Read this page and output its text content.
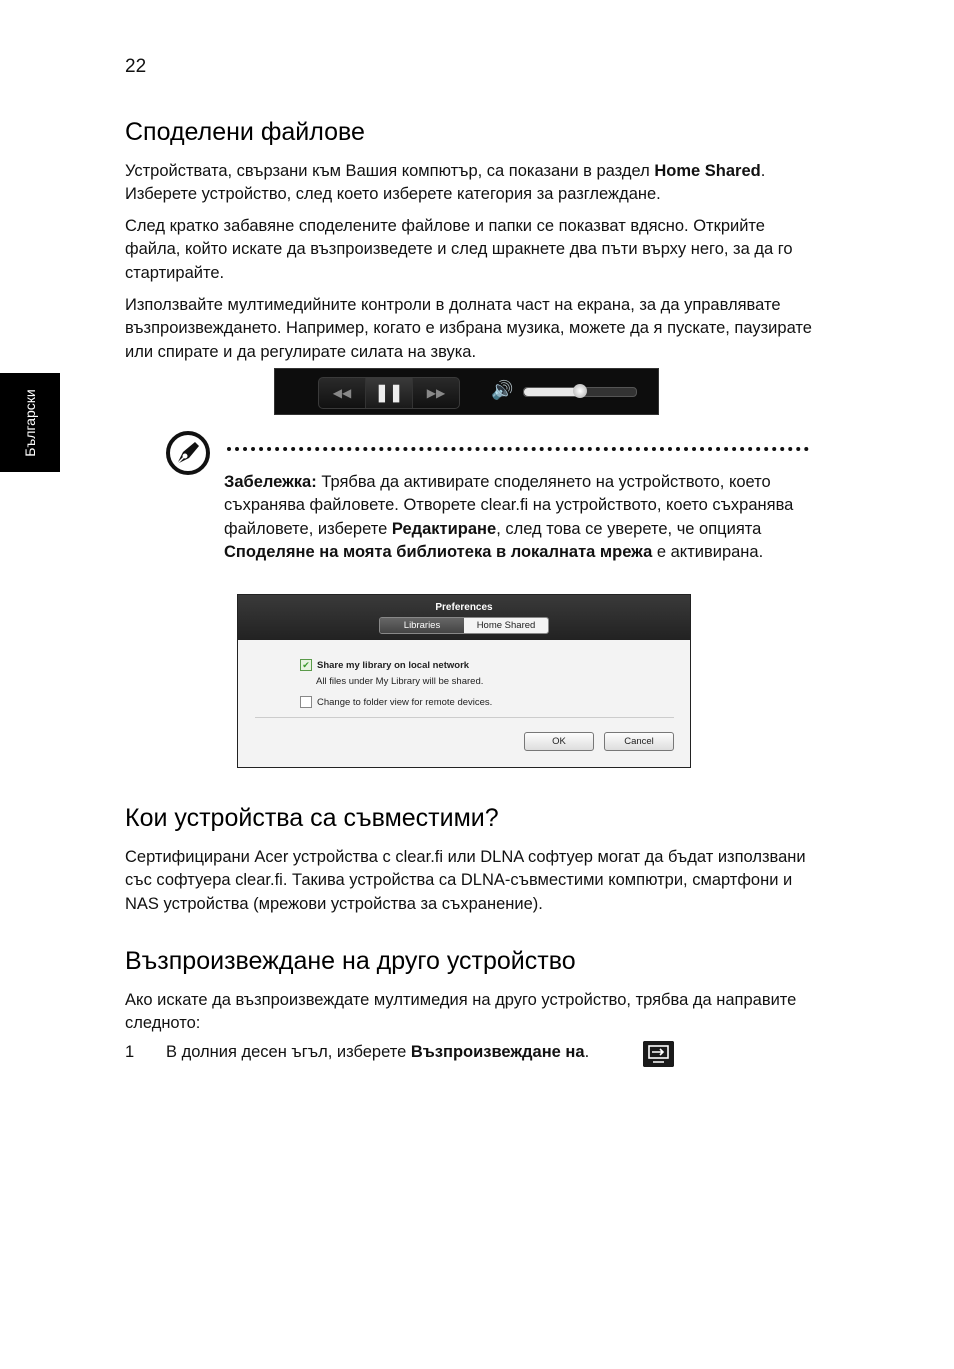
22
Български
Споделени файлове

Устройствата, свързани към Вашия компютър, са показани в раздел Home Shared. Изберете устройство, след което изберете категория за разглеждане.

След кратко забавяне споделените файлове и папки се показват вдясно. Открийте файла, който искате да възпроизведете и след шракнете два пъти върху него, за да го стартирайте.

Използвайте мултимедийните контроли в долната част на екрана, за да управлявате възпроизвеждането. Например, когато е избрана музика, можете да я пускате, паузирате или спирате и да регулирате силата на звука.

◀◀	❚❚	▶▶	🔊

Забележка: Трябва да активирате споделянето на устройството, което съхранява файловете. Отворете clear.fi на устройството, което съхранява файловете, изберете Редактиране, след това се уверете, че опцията Споделяне на моята библиотека в локалната мрежа е активирана.

Preferences
Libraries	Home Shared
✔ Share my library on local network
All files under My Library will be shared.
Change to folder view for remote devices.
OK	Cancel
Кои устройства са съвместими?

Сертифицирани Acer устройства с clear.fi или DLNA софтуер могат да бъдат използвани със софтуера clear.fi. Такива устройства са DLNA-съвместими компютри, смартфони и NAS устройства (мрежови устройства за съхранение).

Възпроизвеждане на друго устройство

Ако искате да възпроизвеждате мултимедия на друго устройство, трябва да направите следното:

1 В долния десен ъгъл, изберете Възпроизвеждане на.
